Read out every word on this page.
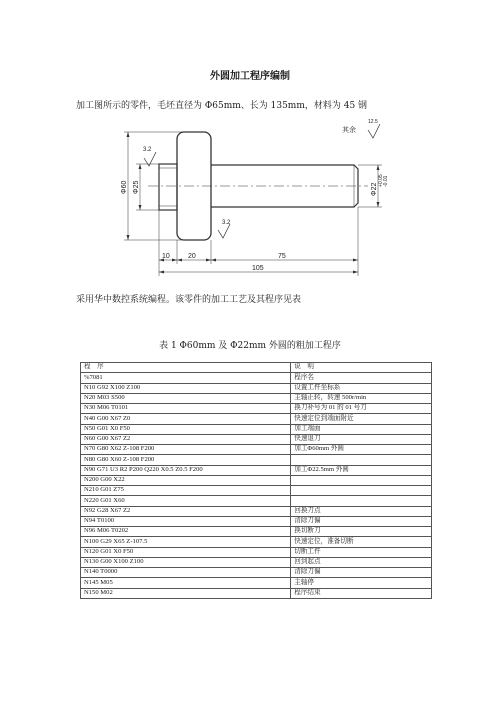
外圆加工程序编制
加工图所示的零件，毛坯直径为 Φ65mm、长为 135mm，材料为 45 钢
10	20	75
105
Φ60 Φ25	Φ22
+0.05 -0.01
3.2
3.2
其余
12.5
采用华中数控系统编程。该零件的加工工艺及其程序见表
表 1 Φ60mm 及 Φ22mm 外圆的粗加工程序
程　序	说　明
%7081	程序名
N10 G92 X100 Z100	设置工件坐标系
N20 M03 S500	主轴正转，转速 500r/min
N30 M06 T0101	换刀补号为 01 的 01 号刀
N40 G00 X67 Z0	快速定位到端面附近
N50 G01 X0 F50	加工端面
N60 G00 X67 Z2	快速退刀
N70 G80 X62 Z-108 F200	加工Φ60mm 外圆
N80 G80 X60 Z-108 F200	
N90 G71 U3 R2 P200 Q220 X0.5 Z0.5 F200	加工Φ22.5mm 外圆
N200 G00 X22	
N210 G01 Z75	
N220 G01 X60	
N92 G28 X67 Z2	回换刀点
N94 T0100	清除刀偏
N96 M06 T0202	换切断刀
N100 G29 X65 Z-107.5	快速定位，准备切断
N120 G01 X0 F50	切断工件
N130 G00 X100 Z100	回到起点
N140 T0000	清除刀偏
N145 M05	主轴停
N150 M02	程序结束
